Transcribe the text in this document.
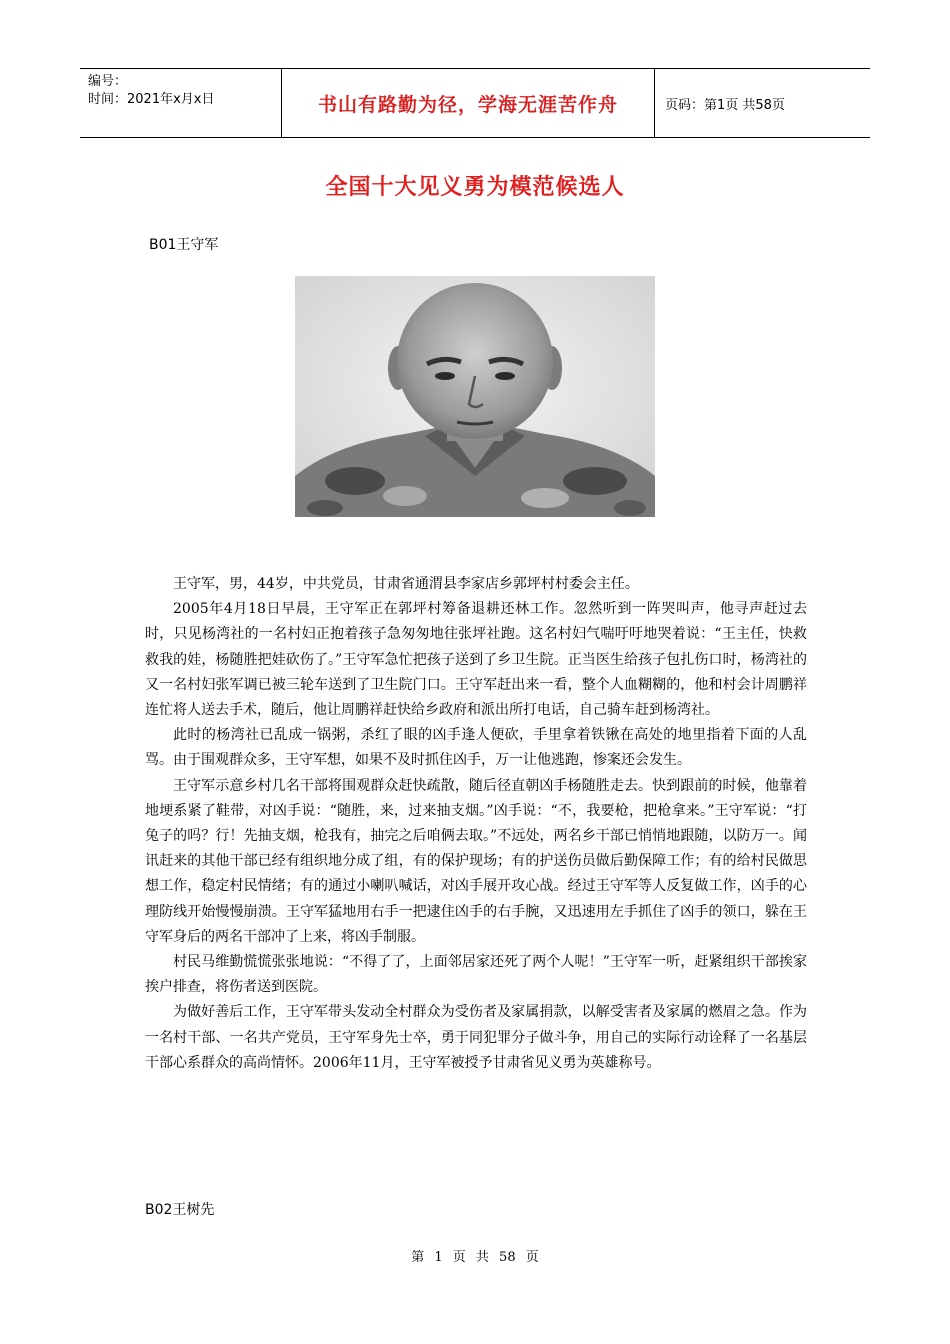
编号：
时间：2021年x月x日	书山有路勤为径，学海无涯苦作舟	页码：第1页 共58页
全国十大见义勇为模范候选人
B01王守军

王守军，男，44岁，中共党员，甘肃省通渭县李家店乡郭坪村村委会主任。

2005年4月18日早晨，王守军正在郭坪村筹备退耕还林工作。忽然听到一阵哭叫声，他寻声赶过去时，只见杨湾社的一名村妇正抱着孩子急匆匆地往张坪社跑。这名村妇气喘吁吁地哭着说：“王主任，快救救我的娃，杨随胜把娃砍伤了。”王守军急忙把孩子送到了乡卫生院。正当医生给孩子包扎伤口时，杨湾社的又一名村妇张军调已被三轮车送到了卫生院门口。王守军赶出来一看，整个人血糊糊的，他和村会计周鹏祥连忙将人送去手术，随后，他让周鹏祥赶快给乡政府和派出所打电话，自己骑车赶到杨湾社。

此时的杨湾社已乱成一锅粥，杀红了眼的凶手逢人便砍，手里拿着铁锹在高处的地里指着下面的人乱骂。由于围观群众多，王守军想，如果不及时抓住凶手，万一让他逃跑，惨案还会发生。

王守军示意乡村几名干部将围观群众赶快疏散，随后径直朝凶手杨随胜走去。快到跟前的时候，他靠着地埂系紧了鞋带，对凶手说：“随胜，来，过来抽支烟。”凶手说：“不，我要枪，把枪拿来。”王守军说：“打兔子的吗？行！先抽支烟，枪我有，抽完之后咱俩去取。”不远处，两名乡干部已悄悄地跟随，以防万一。闻讯赶来的其他干部已经有组织地分成了组，有的保护现场；有的护送伤员做后勤保障工作；有的给村民做思想工作，稳定村民情绪；有的通过小喇叭喊话，对凶手展开攻心战。经过王守军等人反复做工作，凶手的心理防线开始慢慢崩溃。王守军猛地用右手一把逮住凶手的右手腕，又迅速用左手抓住了凶手的领口，躲在王守军身后的两名干部冲了上来，将凶手制服。

村民马维勤慌慌张张地说：“不得了了，上面邻居家还死了两个人呢！”王守军一听，赶紧组织干部挨家挨户排查，将伤者送到医院。

为做好善后工作，王守军带头发动全村群众为受伤者及家属捐款，以解受害者及家属的燃眉之急。作为一名村干部、一名共产党员，王守军身先士卒，勇于同犯罪分子做斗争，用自己的实际行动诠释了一名基层干部心系群众的高尚情怀。2006年11月，王守军被授予甘肃省见义勇为英雄称号。

B02王树先
第 1 页 共 58 页
